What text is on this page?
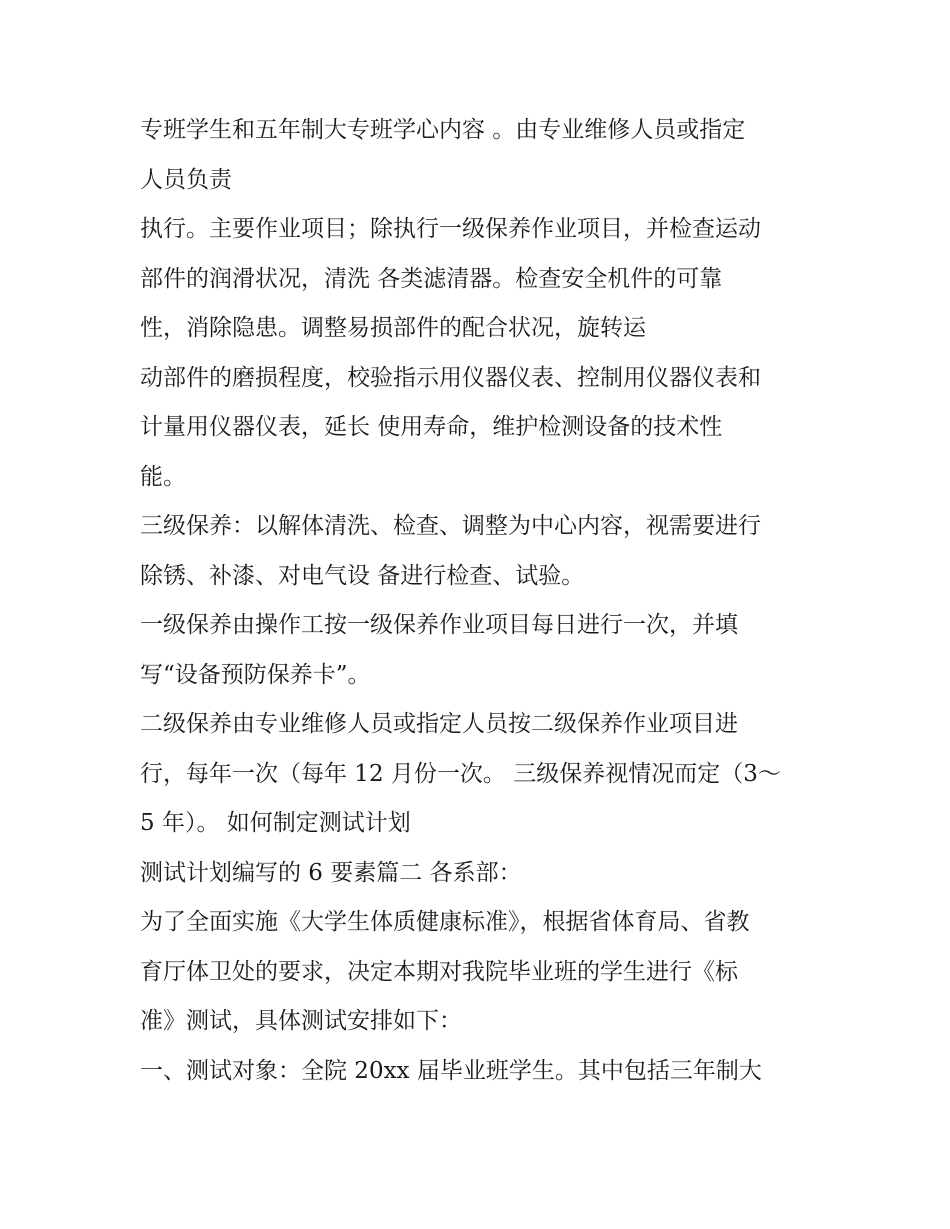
专班学生和五年制大专班学心内容 。由专业维修人员或指定
人员负责
执行。主要作业项目；除执行一级保养作业项目，并检查运动
部件的润滑状况，清洗 各类滤清器。检查安全机件的可靠
性，消除隐患。调整易损部件的配合状况，旋转运
动部件的磨损程度，校验指示用仪器仪表、控制用仪器仪表和
计量用仪器仪表，延长 使用寿命，维护检测设备的技术性
能。
三级保养：以解体清洗、检查、调整为中心内容，视需要进行
除锈、补漆、对电气设 备进行检查、试验。
一级保养由操作工按一级保养作业项目每日进行一次，并填
写“设备预防保养卡”。
二级保养由专业维修人员或指定人员按二级保养作业项目进
行，每年一次（每年 12 月份一次。 三级保养视情况而定（3～
5 年）。 如何制定测试计划
测试计划编写的 6 要素篇二 各系部：
为了全面实施《大学生体质健康标准》，根据省体育局、省教
育厅体卫处的要求，决定本期对我院毕业班的学生进行《标
准》测试，具体测试安排如下：
一、测试对象：全院 20xx 届毕业班学生。其中包括三年制大
